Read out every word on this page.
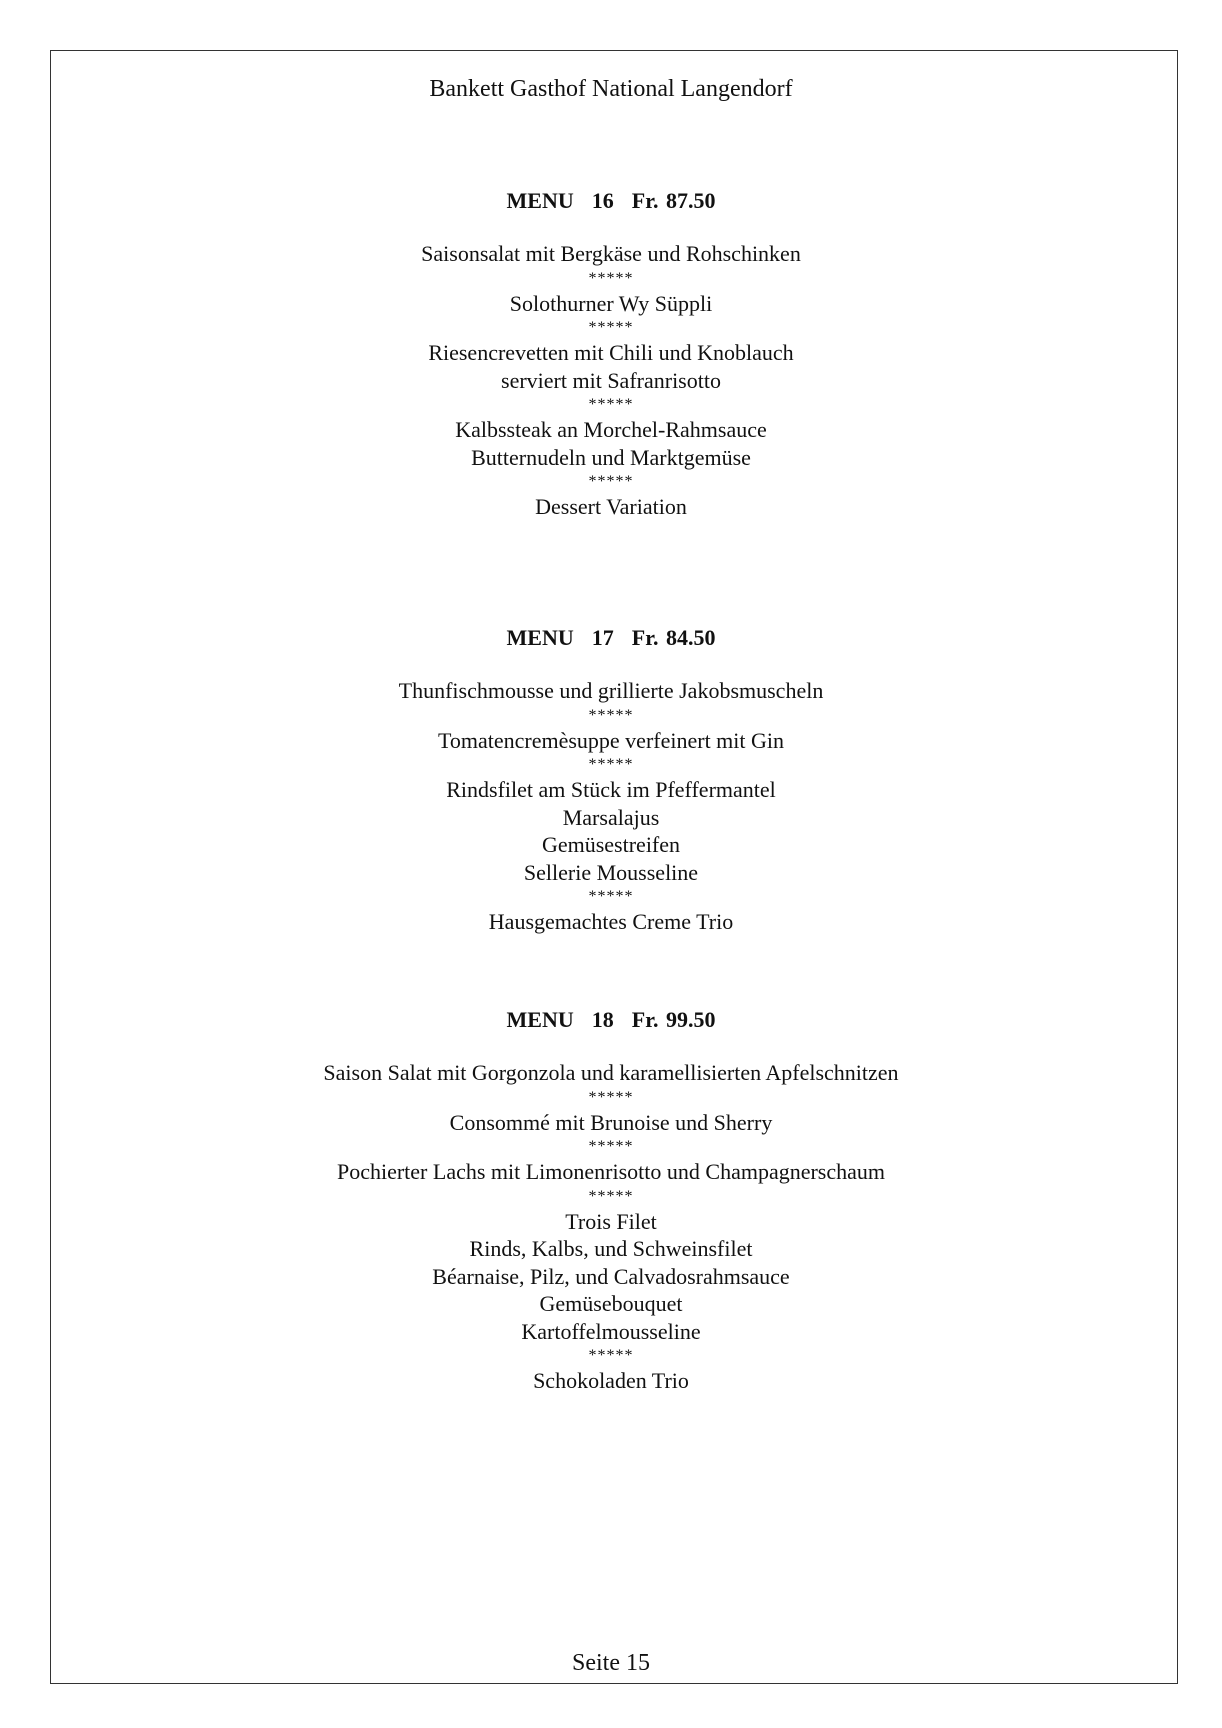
Bankett Gasthof National Langendorf
MENU 16 Fr. 87.50
Saisonsalat mit Bergkäse und Rohschinken
*****
Solothurner Wy Süppli
*****
Riesencrevetten mit Chili und Knoblauch
serviert mit Safranrisotto
*****
Kalbssteak an Morchel-Rahmsauce
Butternudeln und Marktgemüse
*****
Dessert Variation
MENU 17 Fr. 84.50
Thunfischmousse und grillierte Jakobsmuscheln
*****
Tomatencremèsuppe verfeinert mit Gin
*****
Rindsfilet am Stück im Pfeffermantel
Marsalajus
Gemüsestreifen
Sellerie Mousseline
*****
Hausgemachtes Creme Trio
MENU 18 Fr. 99.50
Saison Salat mit Gorgonzola und karamellisierten Apfelschnitzen
*****
Consommé mit Brunoise und Sherry
*****
Pochierter Lachs mit Limonenrisotto und Champagnerschaum
*****
Trois Filet
Rinds, Kalbs, und Schweinsfilet
Béarnaise, Pilz, und Calvadosrahmsauce
Gemüsebouquet
Kartoffelmousseline
*****
Schokoladen Trio
Seite 15
